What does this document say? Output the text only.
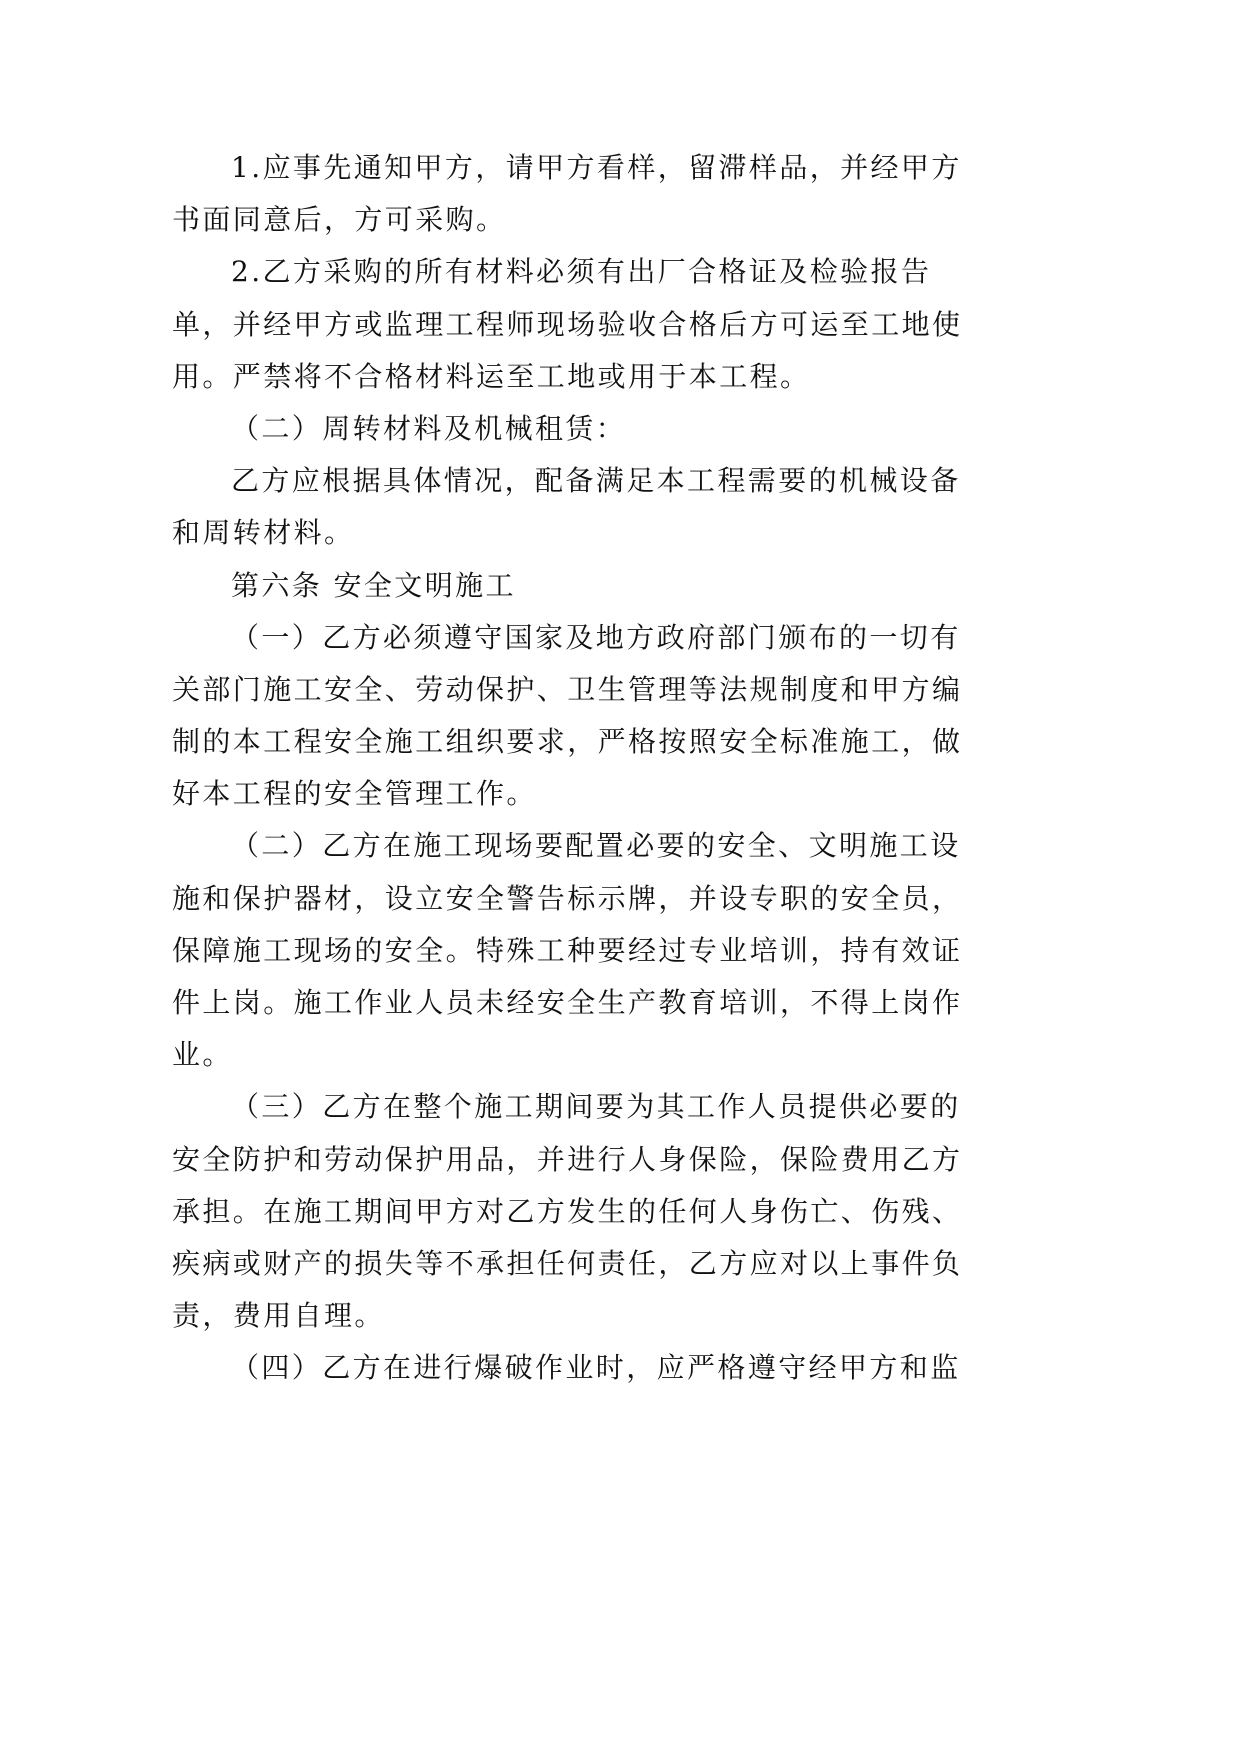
1.应事先通知甲方，请甲方看样，留滞样品，并经甲方
书面同意后，方可采购。
2.乙方采购的所有材料必须有出厂合格证及检验报告
单，并经甲方或监理工程师现场验收合格后方可运至工地使
用。严禁将不合格材料运至工地或用于本工程。
（二）周转材料及机械租赁：
乙方应根据具体情况，配备满足本工程需要的机械设备
和周转材料。
第六条 安全文明施工
（一）乙方必须遵守国家及地方政府部门颁布的一切有
关部门施工安全、劳动保护、卫生管理等法规制度和甲方编
制的本工程安全施工组织要求，严格按照安全标准施工，做
好本工程的安全管理工作。
（二）乙方在施工现场要配置必要的安全、文明施工设
施和保护器材，设立安全警告标示牌，并设专职的安全员，
保障施工现场的安全。特殊工种要经过专业培训，持有效证
件上岗。施工作业人员未经安全生产教育培训，不得上岗作
业。
（三）乙方在整个施工期间要为其工作人员提供必要的
安全防护和劳动保护用品，并进行人身保险，保险费用乙方
承担。在施工期间甲方对乙方发生的任何人身伤亡、伤残、
疾病或财产的损失等不承担任何责任，乙方应对以上事件负
责，费用自理。
（四）乙方在进行爆破作业时，应严格遵守经甲方和监
